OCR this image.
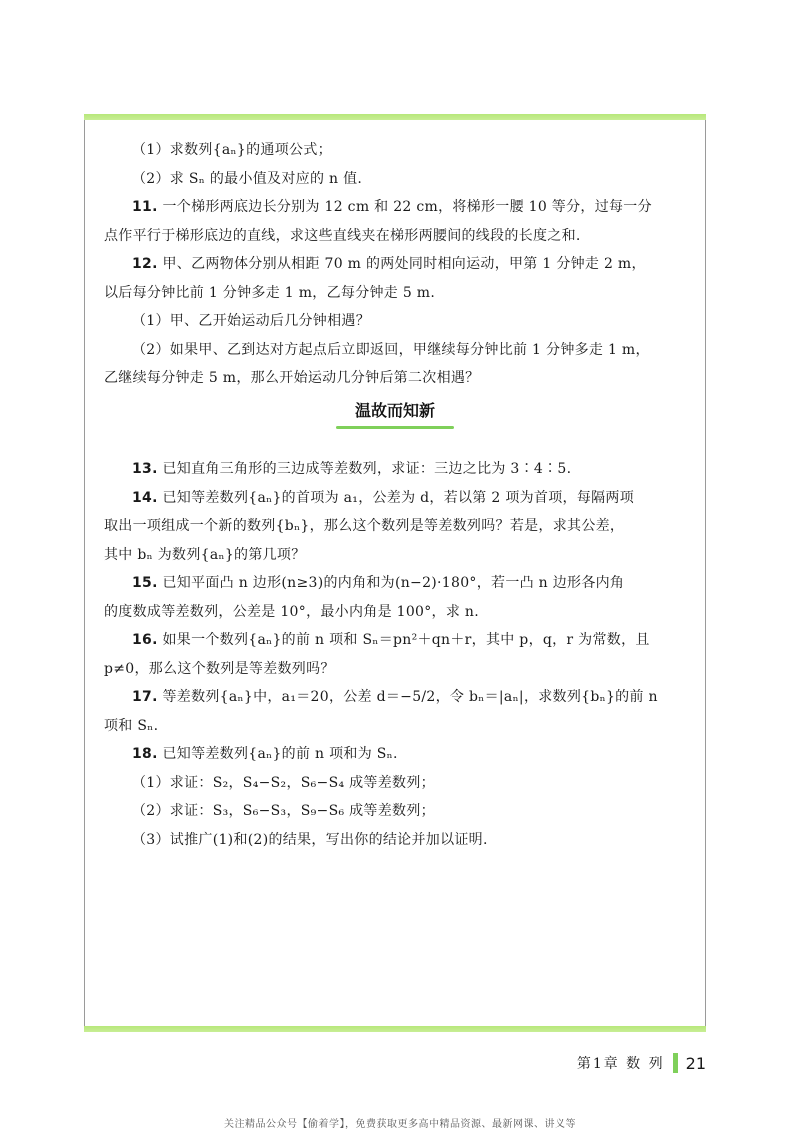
（1）求数列{aₙ}的通项公式；

（2）求 Sₙ 的最小值及对应的 n 值.

11. 一个梯形两底边长分别为 12 cm 和 22 cm，将梯形一腰 10 等分，过每一分

点作平行于梯形底边的直线，求这些直线夹在梯形两腰间的线段的长度之和.

12. 甲、乙两物体分别从相距 70 m 的两处同时相向运动，甲第 1 分钟走 2 m，

以后每分钟比前 1 分钟多走 1 m，乙每分钟走 5 m.

（1）甲、乙开始运动后几分钟相遇？

（2）如果甲、乙到达对方起点后立即返回，甲继续每分钟比前 1 分钟多走 1 m，

乙继续每分钟走 5 m，那么开始运动几分钟后第二次相遇？

温故而知新

13. 已知直角三角形的三边成等差数列，求证：三边之比为 3∶4∶5.

14. 已知等差数列{aₙ}的首项为 a₁，公差为 d，若以第 2 项为首项，每隔两项

取出一项组成一个新的数列{bₙ}，那么这个数列是等差数列吗？若是，求其公差，

其中 bₙ 为数列{aₙ}的第几项？

15. 已知平面凸 n 边形(n≥3)的内角和为(n−2)·180°，若一凸 n 边形各内角

的度数成等差数列，公差是 10°，最小内角是 100°，求 n.

16. 如果一个数列{aₙ}的前 n 项和 Sₙ＝pn²＋qn＋r，其中 p，q，r 为常数，且

p≠0，那么这个数列是等差数列吗？

17. 等差数列{aₙ}中，a₁＝20，公差 d＝−5/2，令 bₙ＝|aₙ|，求数列{bₙ}的前 n

项和 Sₙ.

18. 已知等差数列{aₙ}的前 n 项和为 Sₙ.

（1）求证：S₂，S₄−S₂，S₆−S₄ 成等差数列；

（2）求证：S₃，S₆−S₃，S₉−S₆ 成等差数列；

（3）试推广(1)和(2)的结果，写出你的结论并加以证明.

第1章 数 列 21
关注精品公众号【偷着学】，免费获取更多高中精品资源、最新网课、讲义等
